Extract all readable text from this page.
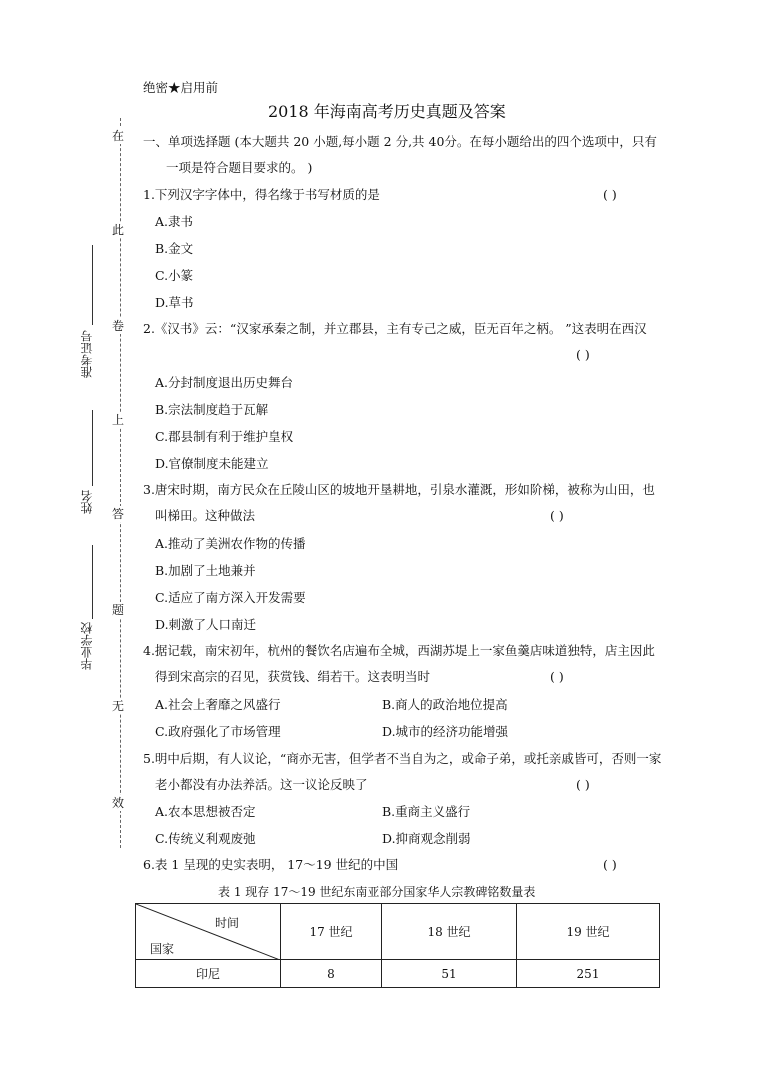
在
此
卷
上
答
题
无
效
准考证号
姓名
毕业学校
绝密★启用前
2018 年海南高考历史真题及答案
一、单项选择题 (本大题共 20 小题,每小题 2 分,共 40分。在每小题给出的四个选项中，只有
一项是符合题目要求的。 )
1.下列汉字字体中，得名缘于书写材质的是	( )
A.隶书
B.金文
C.小篆
D.草书
2.《汉书》云：“汉家承秦之制，并立郡县，主有专己之威，臣无百年之柄。 ”这表明在西汉
( )
A.分封制度退出历史舞台
B.宗法制度趋于瓦解
C.郡县制有利于维护皇权
D.官僚制度未能建立
3.唐宋时期，南方民众在丘陵山区的坡地开垦耕地，引泉水灌溉，形如阶梯，被称为山田，也
叫梯田。这种做法	( )
A.推动了美洲农作物的传播
B.加剧了土地兼并
C.适应了南方深入开发需要
D.刺激了人口南迁
4.据记载，南宋初年，杭州的餐饮名店遍布全城，西湖苏堤上一家鱼羹店味道独特，店主因此
得到宋高宗的召见，获赏钱、绢若干。这表明当时	( )
A.社会上奢靡之风盛行	B.商人的政治地位提高
C.政府强化了市场管理	D.城市的经济功能增强
5.明中后期，有人议论，“商亦无害，但学者不当自为之，或命子弟，或托亲戚皆可，否则一家
老小都没有办法养活。这一议论反映了	( )
A.农本思想被否定	B.重商主义盛行
C.传统义利观废弛	D.抑商观念削弱
6.表 1 呈现的史实表明， 17～19 世纪的中国	( )
表 1 现存 17～19 世纪东南亚部分国家华人宗教碑铭数量表
时间
国家	17 世纪	18 世纪	19 世纪
印尼	8	51	251
